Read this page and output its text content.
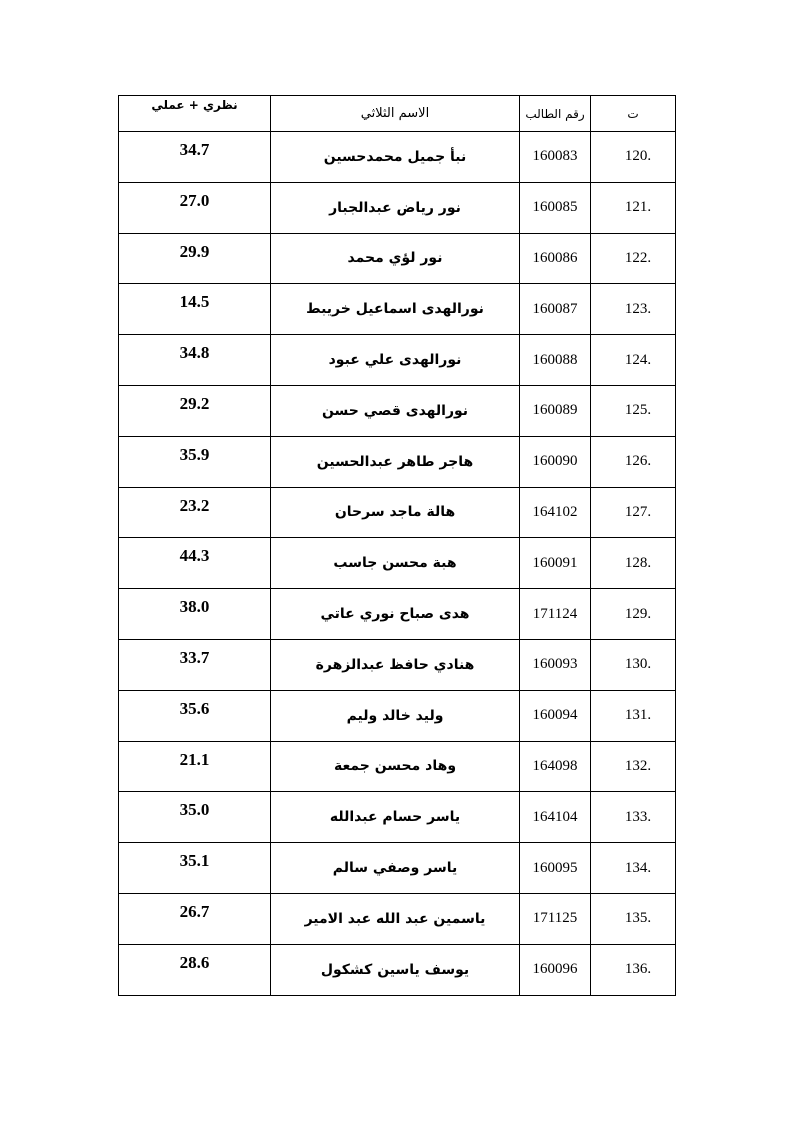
نظري + عملي	الاسم الثلاثي	رقم الطالب	ت
34.7	نبأ جميل محمدحسين	160083	120.
27.0	نور رياض عبدالجبار	160085	121.
29.9	نور لؤي محمد	160086	122.
14.5	نورالهدى اسماعيل خريبط	160087	123.
34.8	نورالهدى علي عبود	160088	124.
29.2	نورالهدى قصي حسن	160089	125.
35.9	هاجر طاهر عبدالحسين	160090	126.
23.2	هالة ماجد سرحان	164102	127.
44.3	هبة محسن جاسب	160091	128.
38.0	هدى صباح نوري عاتي	171124	129.
33.7	هنادي حافظ عبدالزهرة	160093	130.
35.6	وليد خالد وليم	160094	131.
21.1	وهاد محسن جمعة	164098	132.
35.0	ياسر حسام عبدالله	164104	133.
35.1	ياسر وصفي سالم	160095	134.
26.7	ياسمين عبد الله عبد الامير	171125	135.
28.6	يوسف ياسين كشكول	160096	136.
